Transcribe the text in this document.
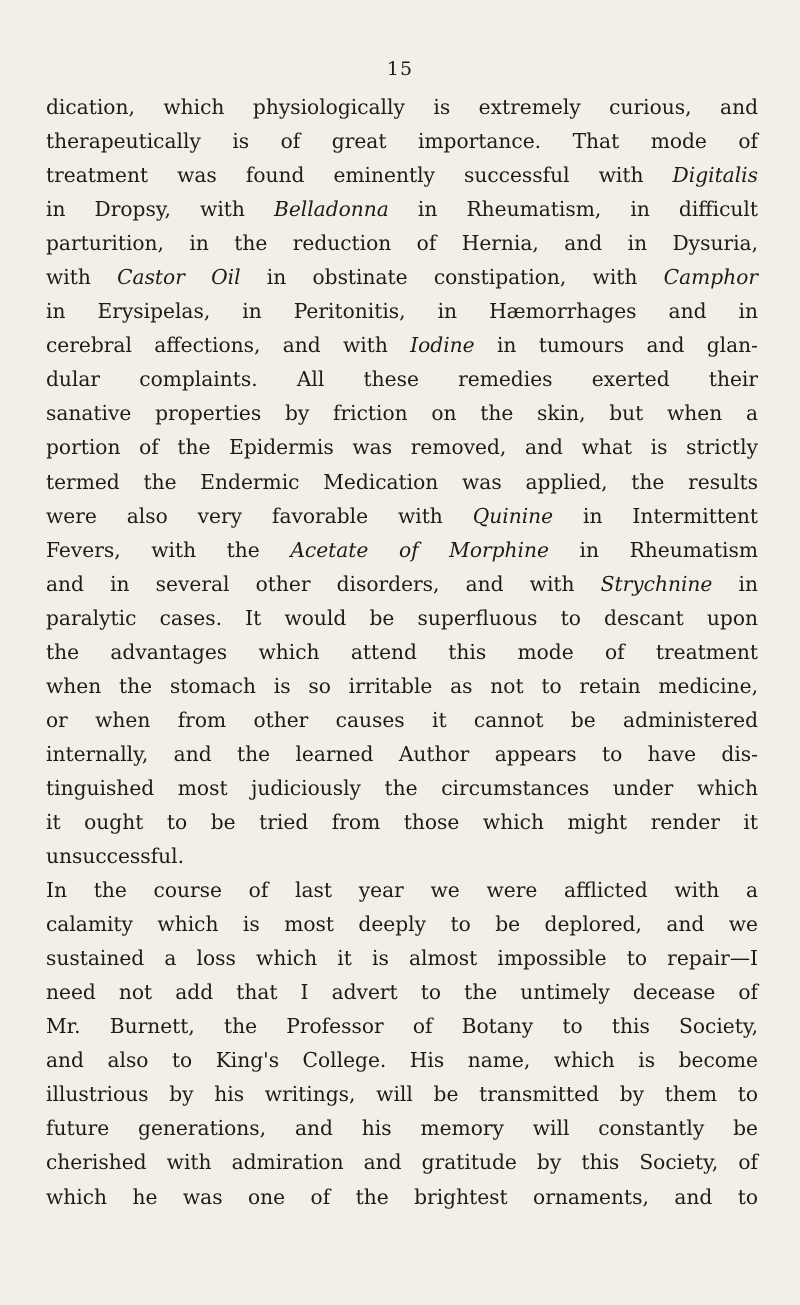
15
dication, which physiologically is extremely curious, and
therapeutically is of great importance. That mode of
treatment was found eminently successful with Digitalis
in Dropsy, with Belladonna in Rheumatism, in difficult
parturition, in the reduction of Hernia, and in Dysuria,
with Castor Oil in obstinate constipation, with Camphor
in Erysipelas, in Peritonitis, in Hæmorrhages and in
cerebral affections, and with Iodine in tumours and glan-
dular complaints. All these remedies exerted their
sanative properties by friction on the skin, but when a
portion of the Epidermis was removed, and what is strictly
termed the Endermic Medication was applied, the results
were also very favorable with Quinine in Intermittent
Fevers, with the Acetate of Morphine in Rheumatism
and in several other disorders, and with Strychnine in
paralytic cases. It would be superfluous to descant upon
the advantages which attend this mode of treatment
when the stomach is so irritable as not to retain medicine,
or when from other causes it cannot be administered
internally, and the learned Author appears to have dis-
tinguished most judiciously the circumstances under which
it ought to be tried from those which might render it
unsuccessful.
In the course of last year we were afflicted with a
calamity which is most deeply to be deplored, and we
sustained a loss which it is almost impossible to repair—I
need not add that I advert to the untimely decease of
Mr. Burnett, the Professor of Botany to this Society,
and also to King's College. His name, which is become
illustrious by his writings, will be transmitted by them to
future generations, and his memory will constantly be
cherished with admiration and gratitude by this Society, of
which he was one of the brightest ornaments, and to
